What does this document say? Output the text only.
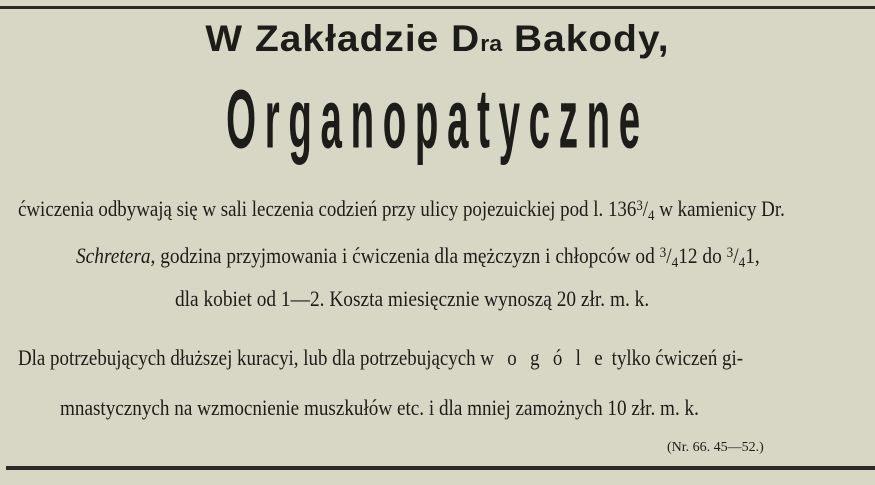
W Zakładzie Dra Bakody,
Organopatyczne
ćwiczenia odbywają się w sali leczenia codzień przy ulicy pojezuickiej pod l. $136^3/4$ w kamienicy Dr.
Schretera, godzina przyjmowania i ćwiczenia dla mężczyzn i chłopców od $^3$/412 do $^3$/41,
dla kobiet od 1—2. Koszta miesięcznie wynoszą 20 złr. m. k.
Dla potrzebujących dłuższej kuracyi, lub dla potrzebujących w o g ó l e tylko ćwiczeń gi-
mnastycznych na wzmocnienie muszkułów etc. i dla mniej zamożnych 10 złr. m. k.
(Nr. 66. 45—52.)
